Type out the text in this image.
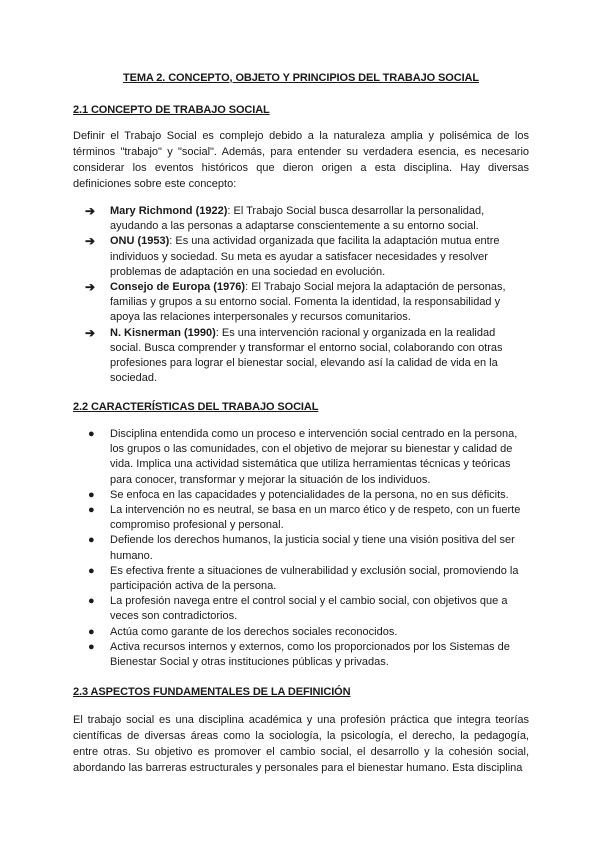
TEMA 2. CONCEPTO, OBJETO Y PRINCIPIOS DEL TRABAJO SOCIAL
2.1 CONCEPTO DE TRABAJO SOCIAL
Definir el Trabajo Social es complejo debido a la naturaleza amplia y polisémica de los términos "trabajo" y "social". Además, para entender su verdadera esencia, es necesario considerar los eventos históricos que dieron origen a esta disciplina. Hay diversas definiciones sobre este concepto:
➔ Mary Richmond (1922): El Trabajo Social busca desarrollar la personalidad, ayudando a las personas a adaptarse conscientemente a su entorno social.
➔ ONU (1953): Es una actividad organizada que facilita la adaptación mutua entre individuos y sociedad. Su meta es ayudar a satisfacer necesidades y resolver problemas de adaptación en una sociedad en evolución.
➔ Consejo de Europa (1976): El Trabajo Social mejora la adaptación de personas, familias y grupos a su entorno social. Fomenta la identidad, la responsabilidad y apoya las relaciones interpersonales y recursos comunitarios.
➔ N. Kisnerman (1990): Es una intervención racional y organizada en la realidad social. Busca comprender y transformar el entorno social, colaborando con otras profesiones para lograr el bienestar social, elevando así la calidad de vida en la sociedad.
2.2 CARACTERÍSTICAS DEL TRABAJO SOCIAL
● Disciplina entendida como un proceso e intervención social centrado en la persona, los grupos o las comunidades, con el objetivo de mejorar su bienestar y calidad de vida. Implica una actividad sistemática que utiliza herramientas técnicas y teóricas para conocer, transformar y mejorar la situación de los individuos.
● Se enfoca en las capacidades y potencialidades de la persona, no en sus déficits.
● La intervención no es neutral, se basa en un marco ético y de respeto, con un fuerte compromiso profesional y personal.
● Defiende los derechos humanos, la justicia social y tiene una visión positiva del ser humano.
● Es efectiva frente a situaciones de vulnerabilidad y exclusión social, promoviendo la participación activa de la persona.
● La profesión navega entre el control social y el cambio social, con objetivos que a veces son contradictorios.
● Actúa como garante de los derechos sociales reconocidos.
● Activa recursos internos y externos, como los proporcionados por los Sistemas de Bienestar Social y otras instituciones públicas y privadas.
2.3 ASPECTOS FUNDAMENTALES DE LA DEFINICIÓN
El trabajo social es una disciplina académica y una profesión práctica que integra teorías científicas de diversas áreas como la sociología, la psicología, el derecho, la pedagogía, entre otras. Su objetivo es promover el cambio social, el desarrollo y la cohesión social, abordando las barreras estructurales y personales para el bienestar humano. Esta disciplina
